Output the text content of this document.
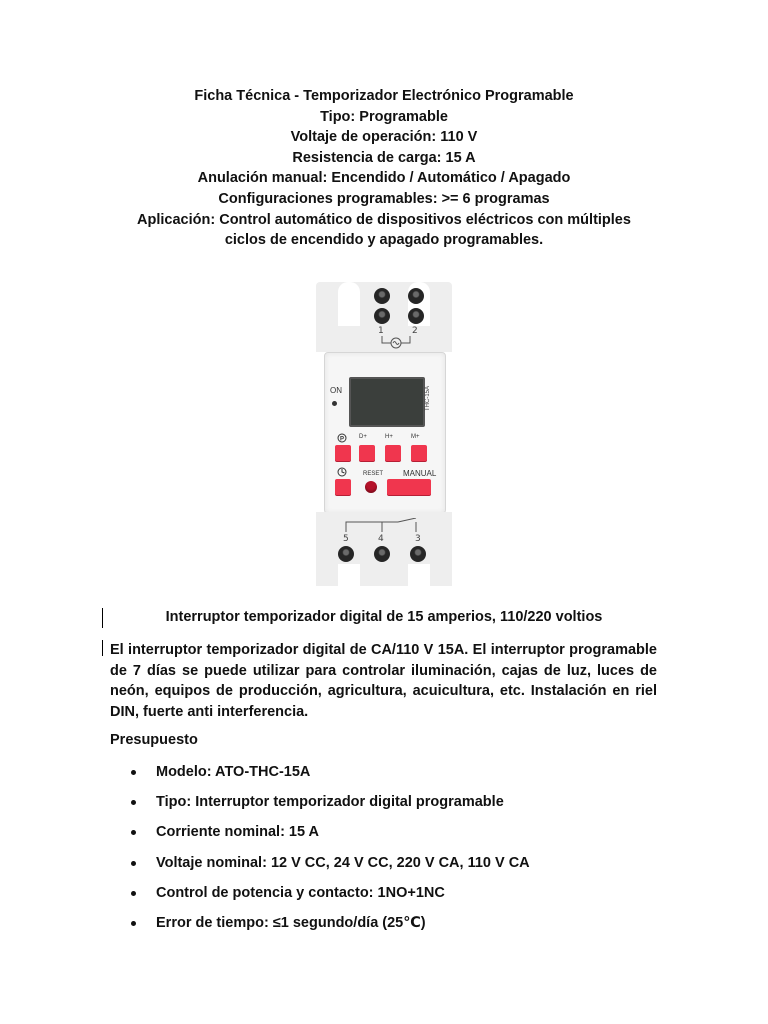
Ficha Técnica - Temporizador Electrónico Programable
Tipo: Programable
Voltaje de operación: 110 V
Resistencia de carga: 15 A
Anulación manual: Encendido / Automático / Apagado
Configuraciones programables: >= 6 programas
Aplicación: Control automático de dispositivos eléctricos con múltiples
ciclos de encendido y apagado programables.
1	2
ON	THC-15A
P D+	H+	M+
RESET MANUAL
5	4	3
Interruptor temporizador digital de 15 amperios, 110/220 voltios
El interruptor temporizador digital de CA/110 V 15A. El interruptor programable de 7 días se puede utilizar para controlar iluminación, cajas de luz, luces de neón, equipos de producción, agricultura, acuicultura, etc. Instalación en riel DIN, fuerte anti interferencia.
Presupuesto
Modelo: ATO-THC-15A
Tipo: Interruptor temporizador digital programable
Corriente nominal: 15 A
Voltaje nominal: 12 V CC, 24 V CC, 220 V CA, 110 V CA
Control de potencia y contacto: 1NO+1NC
Error de tiempo: ≤1 segundo/día (25℃)
